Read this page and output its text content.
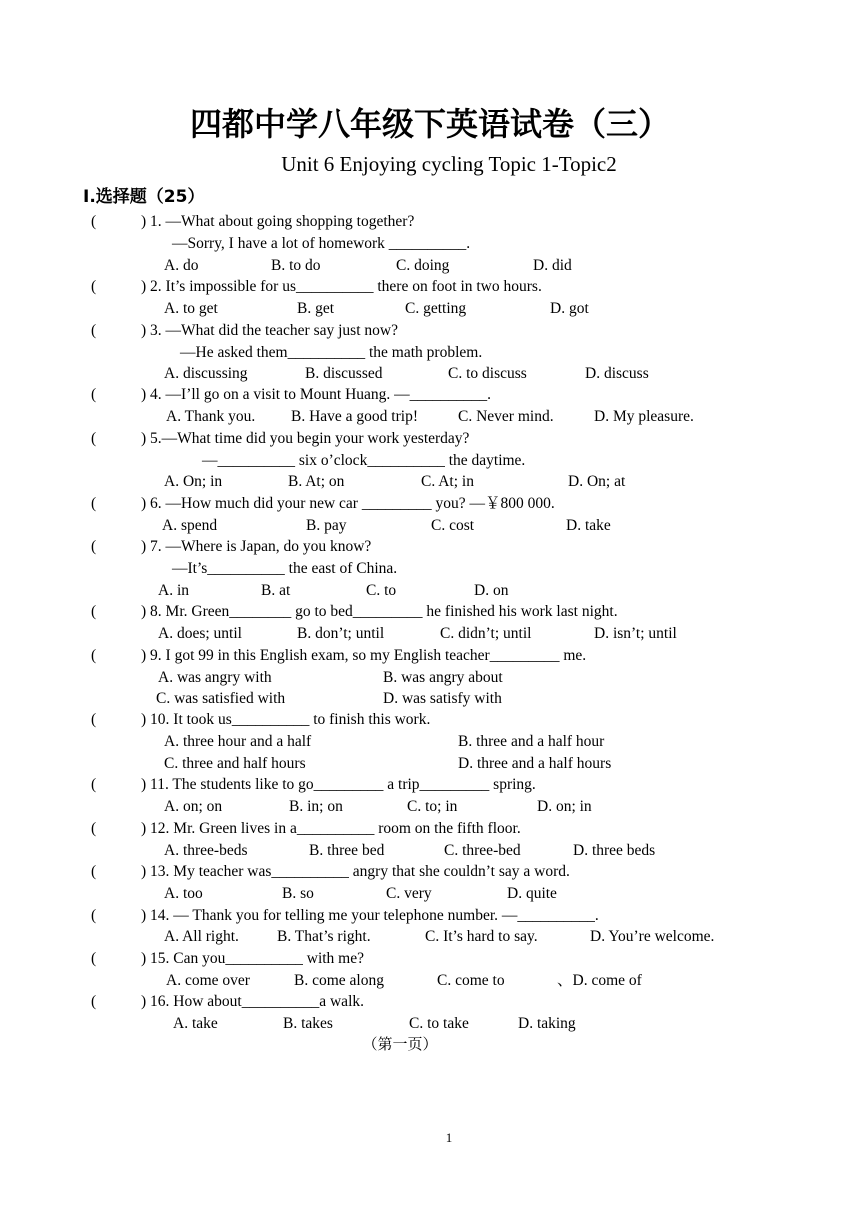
四都中学八年级下英语试卷（三）
Unit 6 Enjoying cycling Topic 1-Topic2
Ⅰ.选择题（25）
(	) 1. —What about going shopping together?
—Sorry, I have a lot of homework __________.
A. do	B. to do	C. doing	D. did
(	) 2. It’s impossible for us__________ there on foot in two hours.
A. to get	B. get	C. getting	D. got
(	) 3. —What did the teacher say just now?
—He asked them__________ the math problem.
A. discussing	B. discussed	C. to discuss	D. discuss
(	) 4. —I’ll go on a visit to Mount Huang. —__________.
A. Thank you. B. Have a good trip!	C. Never mind.	D. My pleasure.
(	) 5.—What time did you begin your work yesterday?
—__________ six o’clock__________ the daytime.
A. On; in	B. At; on	C. At; in	D. On; at
(	) 6. —How much did your new car _________ you? —￥800 000.
A. spend	B. pay	C. cost	D. take
(	) 7. —Where is Japan, do you know?
—It’s__________ the east of China.
A. in	B. at	C. to	D. on
(	) 8. Mr. Green________ go to bed_________ he finished his work last night.
A. does; until	B. don’t; until	C. didn’t; until	D. isn’t; until
(	) 9. I got 99 in this English exam, so my English teacher_________ me.
A. was angry with	B. was angry about
C. was satisfied with	D. was satisfy with
(	) 10. It took us__________ to finish this work.
A. three hour and a half	B. three and a half hour
C. three and half hours	D. three and a half hours
(	) 11. The students like to go_________ a trip_________ spring.
A. on; on	B. in; on	C. to; in	D. on; in
(	) 12. Mr. Green lives in a__________ room on the fifth floor.
A. three-beds	B. three bed	C. three-bed	D. three beds
(	) 13. My teacher was__________ angry that she couldn’t say a word.
A. too	B. so	C. very	D. quite
(	) 14. — Thank you for telling me your telephone number. —__________.
A. All right. B. That’s right.	C. It’s hard to say.	D. You’re welcome.
(	) 15. Can you__________ with me?
A. come over	B. come along	C. come to	、D. come of
(	) 16. How about__________a walk.
A. take	B. takes	C. to take	D. taking
（第一页）
1
